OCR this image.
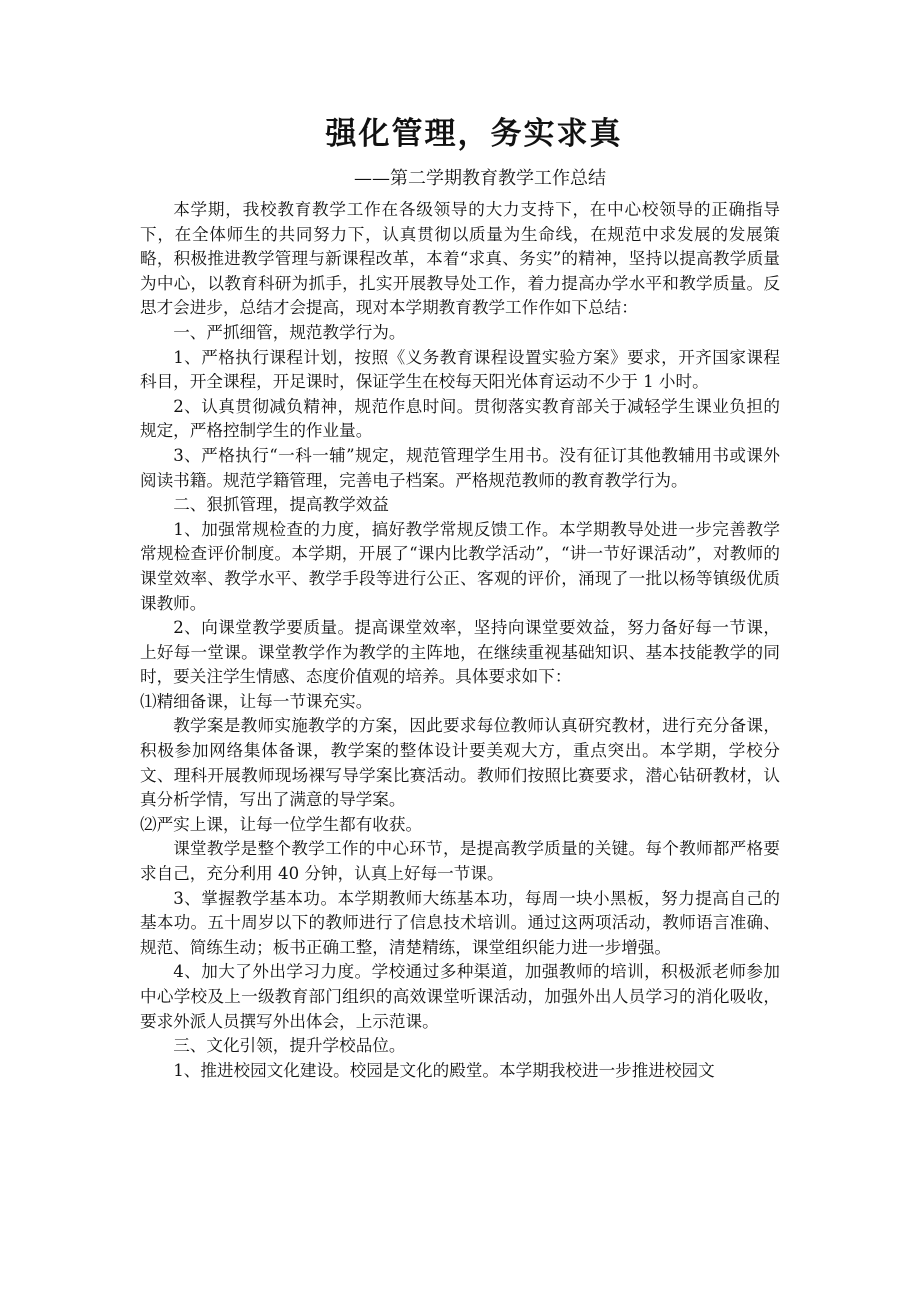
强化管理，务实求真
——第二学期教育教学工作总结

本学期，我校教育教学工作在各级领导的大力支持下，在中心校领导的正确指导下，在全体师生的共同努力下，认真贯彻以质量为生命线，在规范中求发展的发展策略，积极推进教学管理与新课程改革，本着“求真、务实”的精神，坚持以提高教学质量为中心，以教育科研为抓手，扎实开展教导处工作，着力提高办学水平和教学质量。反思才会进步，总结才会提高，现对本学期教育教学工作作如下总结：

一、严抓细管，规范教学行为。

1、严格执行课程计划，按照《义务教育课程设置实验方案》要求，开齐国家课程科目，开全课程，开足课时，保证学生在校每天阳光体育运动不少于 1 小时。

2、认真贯彻减负精神，规范作息时间。贯彻落实教育部关于减轻学生课业负担的规定，严格控制学生的作业量。

3、严格执行“一科一辅”规定，规范管理学生用书。没有征订其他教辅用书或课外阅读书籍。规范学籍管理，完善电子档案。严格规范教师的教育教学行为。

二、狠抓管理，提高教学效益

1、加强常规检查的力度，搞好教学常规反馈工作。本学期教导处进一步完善教学常规检查评价制度。本学期，开展了“课内比教学活动”，“讲一节好课活动”，对教师的课堂效率、教学水平、教学手段等进行公正、客观的评价，涌现了一批以杨等镇级优质课教师。

2、向课堂教学要质量。提高课堂效率，坚持向课堂要效益，努力备好每一节课，上好每一堂课。课堂教学作为教学的主阵地，在继续重视基础知识、基本技能教学的同时，要关注学生情感、态度价值观的培养。具体要求如下：

⑴精细备课，让每一节课充实。

教学案是教师实施教学的方案，因此要求每位教师认真研究教材，进行充分备课，积极参加网络集体备课，教学案的整体设计要美观大方，重点突出。本学期，学校分文、理科开展教师现场裸写导学案比赛活动。教师们按照比赛要求，潜心钻研教材，认真分析学情，写出了满意的导学案。

⑵严实上课，让每一位学生都有收获。

课堂教学是整个教学工作的中心环节，是提高教学质量的关键。每个教师都严格要求自己，充分利用 40 分钟，认真上好每一节课。

3、掌握教学基本功。本学期教师大练基本功，每周一块小黑板，努力提高自己的基本功。五十周岁以下的教师进行了信息技术培训。通过这两项活动，教师语言准确、规范、简练生动；板书正确工整，清楚精练，课堂组织能力进一步增强。

4、加大了外出学习力度。学校通过多种渠道，加强教师的培训，积极派老师参加中心学校及上一级教育部门组织的高效课堂听课活动，加强外出人员学习的消化吸收，要求外派人员撰写外出体会，上示范课。

三、文化引领，提升学校品位。

1、推进校园文化建设。校园是文化的殿堂。本学期我校进一步推进校园文
